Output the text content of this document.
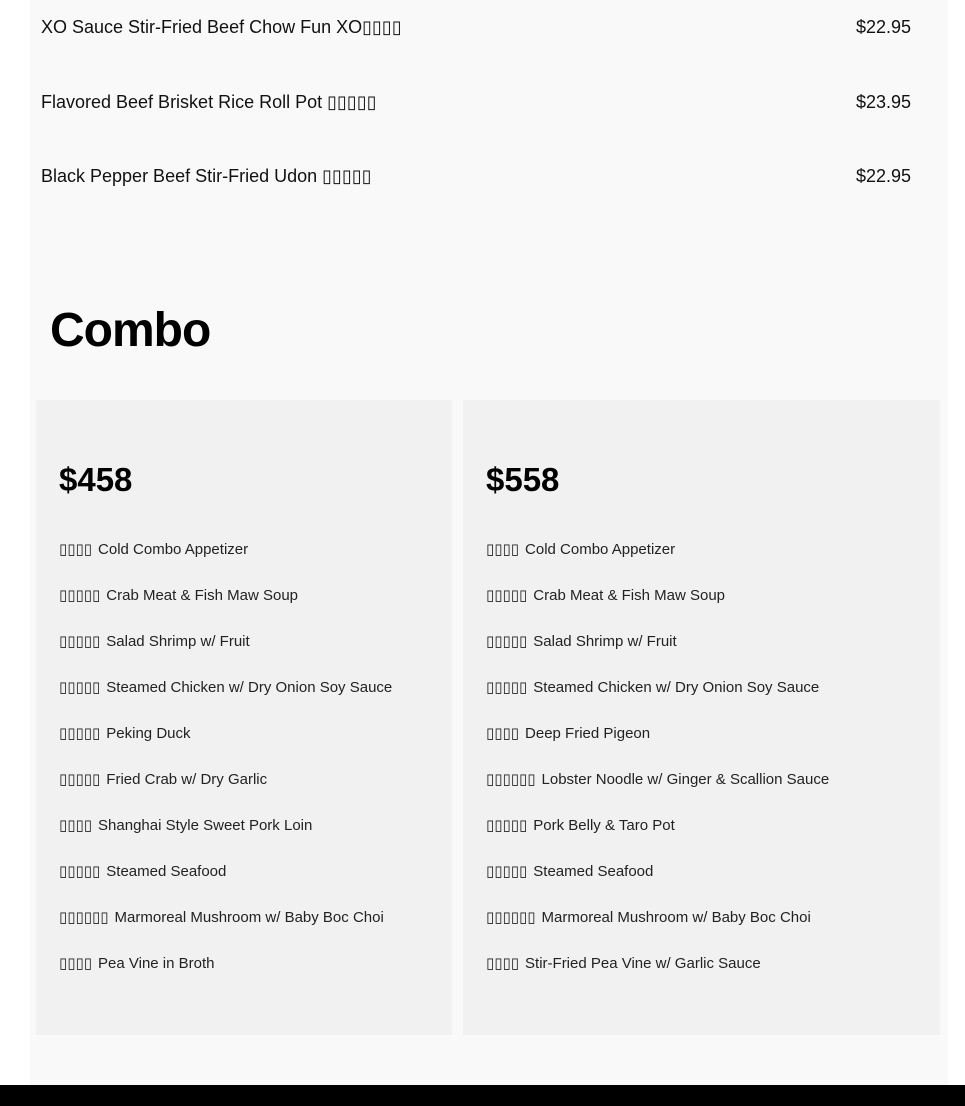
XO Sauce Stir-Fried Beef Chow Fun XO▯▯▯▯	$22.95
Flavored Beef Brisket Rice Roll Pot ▯▯▯▯▯	$23.95
Black Pepper Beef Stir-Fried Udon ▯▯▯▯▯	$22.95
Combo
$458
▯▯▯▯ Cold Combo Appetizer
▯▯▯▯▯ Crab Meat & Fish Maw Soup
▯▯▯▯▯ Salad Shrimp w/ Fruit
▯▯▯▯▯ Steamed Chicken w/ Dry Onion Soy Sauce
▯▯▯▯▯ Peking Duck
▯▯▯▯▯ Fried Crab w/ Dry Garlic
▯▯▯▯ Shanghai Style Sweet Pork Loin
▯▯▯▯▯ Steamed Seafood
▯▯▯▯▯▯ Marmoreal Mushroom w/ Baby Boc Choi
▯▯▯▯ Pea Vine in Broth
$558
▯▯▯▯ Cold Combo Appetizer
▯▯▯▯▯ Crab Meat & Fish Maw Soup
▯▯▯▯▯ Salad Shrimp w/ Fruit
▯▯▯▯▯ Steamed Chicken w/ Dry Onion Soy Sauce
▯▯▯▯ Deep Fried Pigeon
▯▯▯▯▯▯ Lobster Noodle w/ Ginger & Scallion Sauce
▯▯▯▯▯ Pork Belly & Taro Pot
▯▯▯▯▯ Steamed Seafood
▯▯▯▯▯▯ Marmoreal Mushroom w/ Baby Boc Choi
▯▯▯▯ Stir-Fried Pea Vine w/ Garlic Sauce
